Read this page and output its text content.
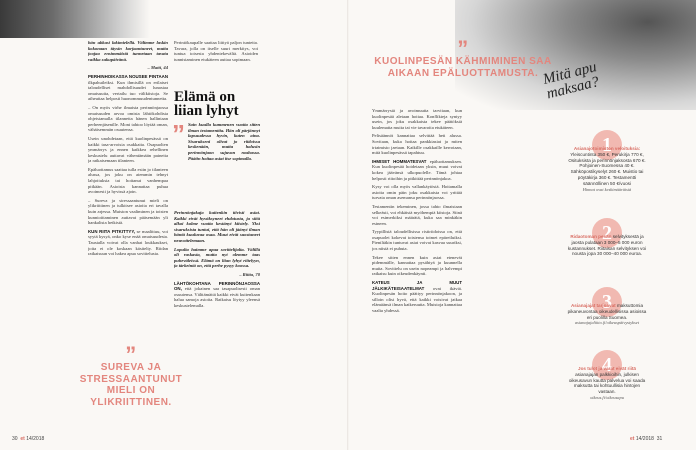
hän ubkasi lakimielellä. Välimme laskin kokonaan täysin korjaantuneet, mutta joojaa ensimmäistä tunnetaan tavata vaikka sukupäivänä.

– Matti, 44

PERHINHOIKASSA NOUSEE PINTAAN ilkpahuileiksi. Kun ihmisillä on erilaiset taloudelliset mahdollisuudet lunastaa omaisuutta, vertailu tuo välikiistoja. Se aiheuttaa helposti huonommuudentunnetta.

– On myös virhe ilmaista perinnönjaossa omaisuuden arvoa omista lähtökohdista ohjeistamalla tilannetta hänen hallintaan perheenjäsenille. Moni tahtoo löytää oman, vähäisemmän osuutensa.

Usein unohdetaan, että kuolinpesässä on kaikki tasa-arvoisia osakkaita. Osapuolten ymmärrys ja ennen kaikkea rehellinen keskustelu auttavat vähentämään paineita ja ratkaisemaan tilanteen.

Epäluottamus saattaa tulla esiin jo tilanteen alussa, jos joku on aiemmin tehnyt lahjoituksia tai hoitanut vanhempaa pitkään. Asioista kannattaa puhua avoimesti ja hyvissä ajoin.

– Sureva ja stressaantunut mieli on ylikriittinen ja tulkitsee asioita eri tavalla kuin arjessa. Muiston vaaliminen ja toisten kunnioittaminen auttavat pääsemään yli hankalista hetkistä.

KUN RIITA PITKITTYY, se maalittuu, voi syytä kysyä, onko kyse enää omaisuudesta. Taustalla voivat olla vanhat loukkaukset, joita ei ole koskaan käsitelty. Riidan ratkaisuun voi hakea apua sovittelusta.

”
SUREVA JA STRESSAANTUNUT MIELI ON YLIKRIITTINEN.

Perintökaupalle saattaa liittyä paljon tunteita. Tavara, jolla on itselle suuri merkitys, voi tuntua toisesta yhdentekevältä. Asioiden tunnistaminen etukäteen auttaa sopimaan.

Elämä on liian lyhyt
” Sain kuulla kummenen vuotta sitten ilman testamenttia. Hän oli pärjännyt lapsuudessa hyvin, kuten aina. Sisarukseni olivat jo riidoissa keskenään, mutta halusin perinnönjaon sujuvan rauhassa. Päätin hoitaa asiat itse sopimalla.

Perinnönjakaja kuitenkin tiivisti asiat. Kaikki eivät hyväksyneet ehdotusta, ja siitä alkoi kolme vuotta kestänyt kiistely. Yksi sisaruksista tuntui, että hän oli jäänyt ilman häntä kuuluvaa osaa. Muut eivät suostuneet neuvottelemaan.

Lopulta haimme apua sovittelijalta. Välillä oli raskasta, mutta nyt olemme taas puheväleissä. Elämä on liian lyhyt riitelyyn, ja tärkeintä on, että perhe pysyy koossa.

– Riitta, 70

LÄHTÖKOHTANA PERINNÖNJAOSSA ON, että jokainen saa tasapuolisesti oman osuutensa. Välttämättä kaikki eivät kuitenkaan halua samoja asioita. Ratkaisu löytyy yleensä keskustelemalla.

”
KUOLINPESÄN KÄHMIMINEN SAA AIKAAN EPÄLUOTTAMUSTA.

Ymmärrystä ja avoimuutta tarvitaan, kun kuolinpesää aletaan hoitaa. Konflikteja syntyy usein, jos joku osakkaista tekee päätöksiä kuulematta muita tai vie tavaroita etukäteen.

Pelisäännöt kannattaa selvittää heti alussa. Sovitaan, kuka hoitaa pankkiasiat ja miten irtaimisto jaetaan. Kaikille osakkaille kerrotaan, mitä kuolinpesässä tapahtuu.

IHMISET HOMMATESVAT epäluottamuksen. Kun kuolinpesää hoidetaan yksin, muut voivat kokea jäävänsä ulkopuolelle. Tämä johtaa helposti riitoihin ja pitkittää perinnönjakoa.

Kysy voi olla myös vallankäytöstä. Hoitamalla asioita omin päin joku osakkaista voi yrittää turvata oman asemansa perinnönjaossa.

Testamentin tekeminen, jossa tahto ilmaistaan selkeästi, voi ehkäistä myöhempiä kiistoja. Siinä voi esimerkiksi määrätä, kuka saa minkäkin esineen.

Tyypillistä taloudellisissa ristiriidoissa on, että osapuolet kokevat toistensa toimet epäreiluiksi. Pieniltäkin tuntuvat asiat voivat kasvaa suuriksi, jos niistä ei puhuta.

Tekee sitten ennen kuin asiat etenevät pidemmälle, kannattaa pysähtyä ja kuunnella muita. Sovittelu on usein nopeampi ja halvempi ratkaisu kuin oikeudenkäynti.

KATEUS JA MUUT JÄLKIKÄTEISAATELMAT ovat ikäviä. Kuolinpesän hoito päättyy perinnönjakoon, ja silloin olisi hyvä, että kaikki voisivat jatkaa elämäänsä ilman katkeruutta. Muistoja kannattaa vaalia yhdessä.

Mitä apu maksaa?
1
Asianajotoimiston veloituksia: Yleiscuntinta 350 €, Perukirja 770 €, Osituksista ja perinnönjaksosta 670 €. Pohjoinen-Suomessa 40 €. Sähköpostikyselyt 260 €. Muistio tai pöytäkirja 360 €. Testamentti säännöllinen 50 €/vuosi
Hinnat ovat keskimääräisiä
2
Ridaotoman pesän selvityksestä ja jaosta pulataan 3 000–5 000 euron kustannukset. Riitaisan selvityksen voi nousta jopa 30 000–40 000 euroa.
3
Asianajajat tarjoavat maksuttomia pikaneuvontaa oikeudellisissa asioissa eri puolilla Suomea.
asianajajaliitto.fi/oikeuspäivystykset
4
Jos tulot ja varat eivät riitä asianajajan palkkioihin, julkisen oikeusavun kautta palvelua voi saada maksutta tai kohtuullisia hintojen vastaan.
oikeus.fi/oikeusapu
30 et 14/2018	et 14/2018 31
